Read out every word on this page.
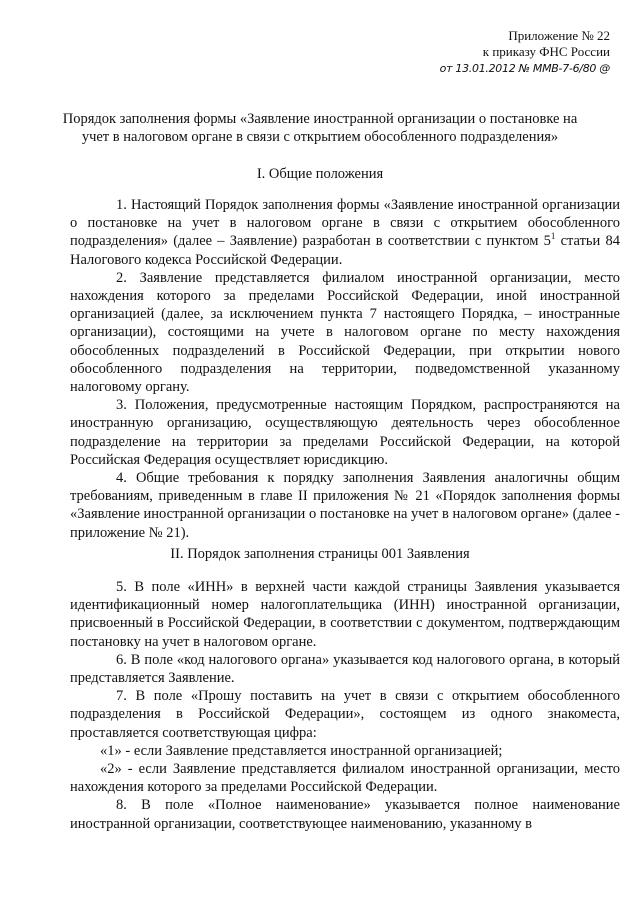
Приложение № 22
к приказу ФНС России
от 13.01.2012 № ММВ-7-6/80 @
Порядок заполнения формы «Заявление иностранной организации о постановке на
учет в налоговом органе в связи с открытием обособленного подразделения»
I. Общие положения

1. Настоящий Порядок заполнения формы «Заявление иностранной организации о постановке на учет в налоговом органе в связи с открытием обособленного подразделения» (далее – Заявление) разработан в соответствии с пунктом $5^1$ статьи 84 Налогового кодекса Российской Федерации.

2. Заявление представляется филиалом иностранной организации, место нахождения которого за пределами Российской Федерации, иной иностранной организацией (далее, за исключением пункта 7 настоящего Порядка, – иностранные организации), состоящими на учете в налоговом органе по месту нахождения обособленных подразделений в Российской Федерации, при открытии нового обособленного подразделения на территории, подведомственной указанному налоговому органу.

3. Положения, предусмотренные настоящим Порядком, распространяются на иностранную организацию, осуществляющую деятельность через обособленное подразделение на территории за пределами Российской Федерации, на которой Российская Федерация осуществляет юрисдикцию.

4. Общие требования к порядку заполнения Заявления аналогичны общим требованиям, приведенным в главе II приложения № 21 «Порядок заполнения формы «Заявление иностранной организации о постановке на учет в налоговом органе» (далее - приложение № 21).

II. Порядок заполнения страницы 001 Заявления

5. В поле «ИНН» в верхней части каждой страницы Заявления указывается идентификационный номер налогоплательщика (ИНН) иностранной организации, присвоенный в Российской Федерации, в соответствии с документом, подтверждающим постановку на учет в налоговом органе.

6. В поле «код налогового органа» указывается код налогового органа, в который представляется Заявление.

7. В поле «Прошу поставить на учет в связи с открытием обособленного подразделения в Российской Федерации», состоящем из одного знакоместа, проставляется соответствующая цифра:

«1» - если Заявление представляется иностранной организацией;

«2» - если Заявление представляется филиалом иностранной организации, место нахождения которого за пределами Российской Федерации.

8. В поле «Полное наименование» указывается полное наименование иностранной организации, соответствующее наименованию, указанному в
